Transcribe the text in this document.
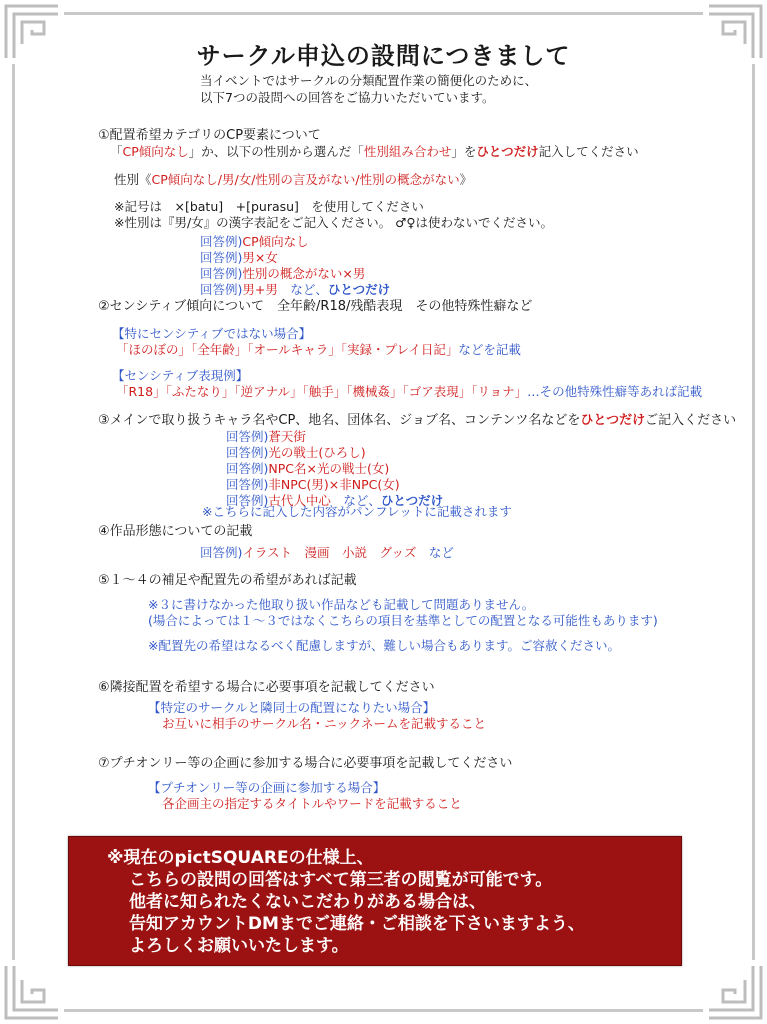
サークル申込の設問につきまして
当イベントではサークルの分類配置作業の簡便化のために、
以下7つの設問への回答をご協力いただいています。
①配置希望カテゴリのCP要素について
「CP傾向なし」か、以下の性別から選んだ「性別組み合わせ」をひとつだけ記入してください
性別《CP傾向なし/男/女/性別の言及がない/性別の概念がない》
※記号は　×[batu]　+[purasu]　を使用してください
※性別は『男/女』の漢字表記をご記入ください。 ♂♀は使わないでください。
回答例)CP傾向なし
回答例)男×女
回答例)性別の概念がない×男
回答例)男+男　など、ひとつだけ
②センシティブ傾向について　全年齢/R18/残酷表現　その他特殊性癖など
【特にセンシティブではない場合】
「ほのぼの」「全年齢」「オールキャラ」「実録・プレイ日記」などを記載
【センシティブ表現例】
「R18」「ふたなり」「逆アナル」「触手」「機械姦」「ゴア表現」「リョナ」…その他特殊性癖等あれば記載
③メインで取り扱うキャラ名やCP、地名、団体名、ジョブ名、コンテンツ名などをひとつだけご記入ください
回答例)蒼天街
回答例)光の戦士(ひろし)
回答例)NPC名×光の戦士(女)
回答例)非NPC(男)×非NPC(女)
回答例)古代人中心　など、ひとつだけ
※こちらに記入した内容がパンフレットに記載されます
④作品形態についての記載
回答例)イラスト　漫画　小説　グッズ　など
⑤１～４の補足や配置先の希望があれば記載
※３に書けなかった他取り扱い作品なども記載して問題ありません。
(場合によっては１～３ではなくこちらの項目を基準としての配置となる可能性もあります)
※配置先の希望はなるべく配慮しますが、難しい場合もあります。ご容赦ください。
⑥隣接配置を希望する場合に必要事項を記載してください
【特定のサークルと隣同士の配置になりたい場合】
お互いに相手のサークル名・ニックネームを記載すること
⑦プチオンリー等の企画に参加する場合に必要事項を記載してください
【プチオンリー等の企画に参加する場合】
各企画主の指定するタイトルやワードを記載すること
※現在のpictSQUAREの仕様上、
こちらの設問の回答はすべて第三者の閲覧が可能です。
他者に知られたくないこだわりがある場合は、
告知アカウントDMまでご連絡・ご相談を下さいますよう、
よろしくお願いいたします。
